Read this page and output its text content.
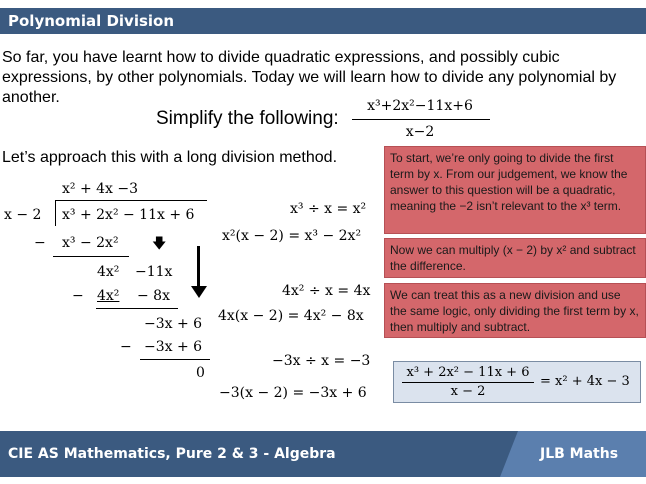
Polynomial Division
So far, you have learnt how to divide quadratic expressions, and possibly cubic expressions, by other polynomials. Today we will learn how to divide any polynomial by another.
Simplify the following:
x³+2x²−11x+6
x−2
Let’s approach this with a long division method.
x² + 4x −3
x − 2 x³ + 2x² − 11x + 6
− x³ − 2x² 🡇
4x² −11x
− 4x² − 8x
−3x + 6
− −3x + 6
0
x³ ÷ x = x²
x²(x − 2) = x³ − 2x²
4x² ÷ x = 4x
4x(x − 2) = 4x² − 8x
−3x ÷ x = −3
−3(x − 2) = −3x + 6
To start, we’re only going to divide the first term by x. From our judgement, we know the answer to this question will be a quadratic, meaning the −2 isn’t relevant to the x³ term.
Now we can multiply (x − 2) by x² and subtract the difference.
We can treat this as a new division and use the same logic, only dividing the first term by x, then multiply and subtract.
x³ + 2x² − 11x + 6
x − 2
= x² + 4x − 3
CIE AS Mathematics, Pure 2 & 3 - Algebra	JLB Maths
